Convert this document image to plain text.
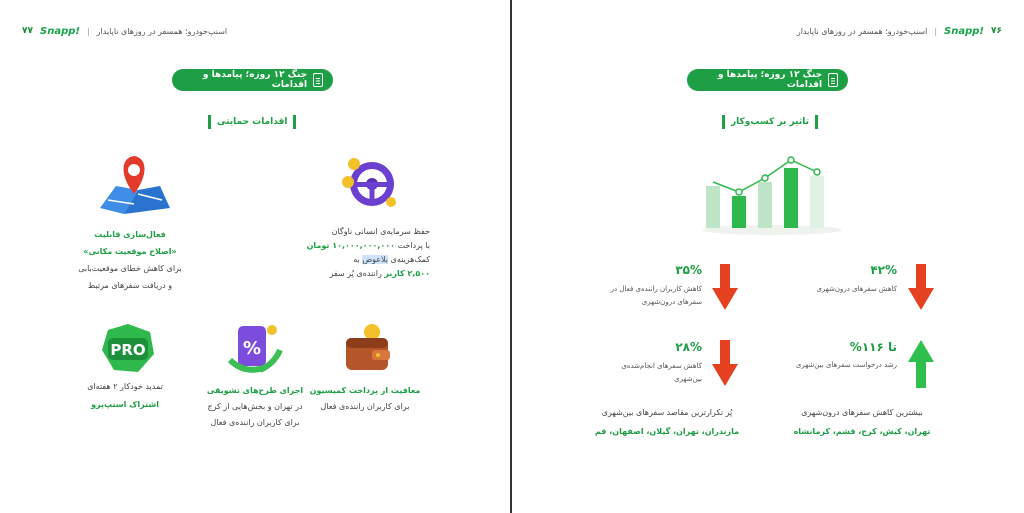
۷۷ Snapp! | اسنپ‌خودرو؛ همسفر در روزهای ناپایدار
جنگ ۱۲ روزه؛ پیامدها و اقدامات
اقدامات حمایتی
حفظ سرمایه‌ی انسانی ناوگان
با پرداخت ۱۰,۰۰۰,۰۰۰,۰۰۰ تومان
کمک‌هزینه‌ی بلاعوض به
۲,۵۰۰ کاربر راننده‌ی پُر سفر
فعال‌سازی قابلیت
«اصلاح موقعیت مکانی»
برای کاهش خطای موقعیت‌یابی
و دریافت سفرهای مرتبط
معافیت از پرداخت کمیسیون
برای کاربران راننده‌ی فعال
%
اجرای طرح‌های تشویقی
در تهران و بخش‌هایی از کرج
برای کاربران راننده‌ی فعال
PRO
تمدید خودکار ۲ هفته‌ای
اشتراک اسنپ‌پرو
اسنپ‌خودرو؛ همسفر در روزهای ناپایدار | Snapp! ۷۶
جنگ ۱۲ روزه؛ پیامدها و اقدامات
تاثیر بر کسب‌وکار
۴۲%
کاهش سفرهای درون‌شهری
۳۵%
کاهش کاربران راننده‌ی فعال در
سفرهای درون‌شهری
تا ۱۱۶%
رشد درخواست سفرهای بین‌شهری
۲۸%
کاهش سفرهای انجام‌شده‌ی
بین‌شهری
بیشترین کاهش سفرهای درون‌شهری
تهران، کیش، کرج، قشم، کرمانشاه
پُر تکرارترین مقاصد سفرهای بین‌شهری
مازندران، تهران، گیلان، اصفهان، قم
